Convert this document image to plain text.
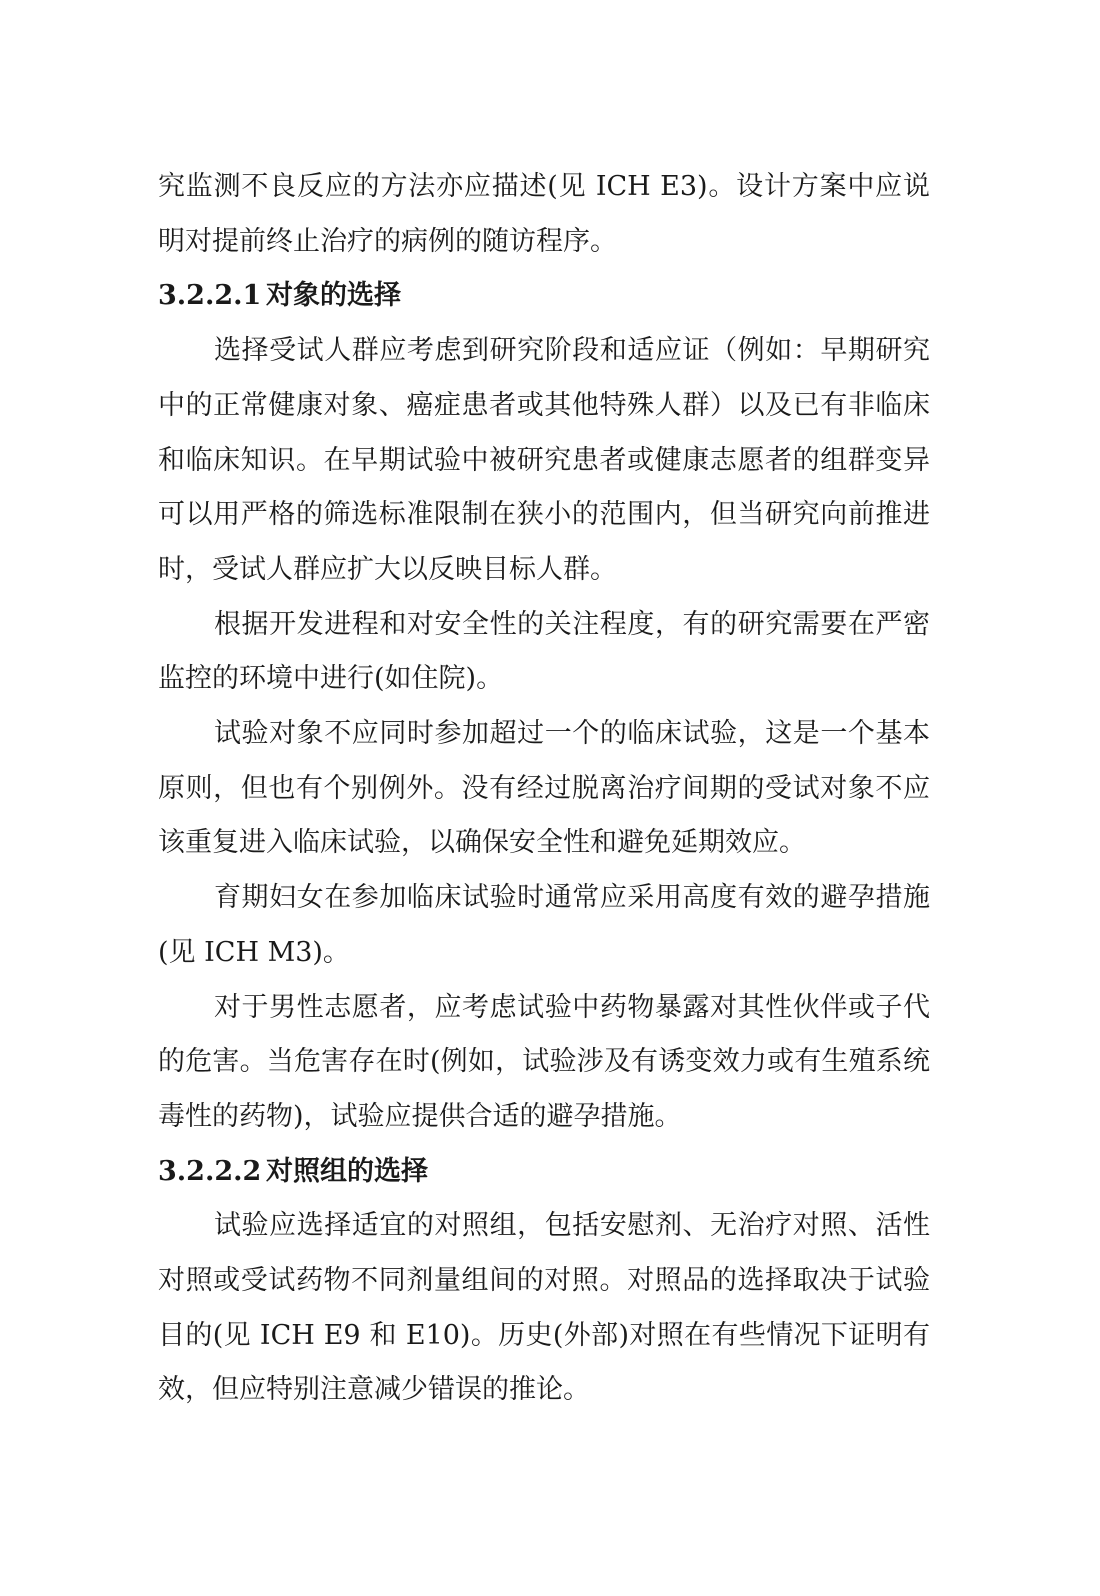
究监测不良反应的方法亦应描述(见 ICH E3)。设计方案中应说明对提前终止治疗的病例的随访程序。

3.2.2.1 对象的选择

选择受试人群应考虑到研究阶段和适应证（例如：早期研究中的正常健康对象、癌症患者或其他特殊人群）以及已有非临床和临床知识。在早期试验中被研究患者或健康志愿者的组群变异可以用严格的筛选标准限制在狭小的范围内，但当研究向前推进时，受试人群应扩大以反映目标人群。

根据开发进程和对安全性的关注程度，有的研究需要在严密监控的环境中进行(如住院)。

试验对象不应同时参加超过一个的临床试验，这是一个基本原则，但也有个别例外。没有经过脱离治疗间期的受试对象不应该重复进入临床试验，以确保安全性和避免延期效应。

育期妇女在参加临床试验时通常应采用高度有效的避孕措施(见 ICH M3)。

对于男性志愿者，应考虑试验中药物暴露对其性伙伴或子代的危害。当危害存在时(例如，试验涉及有诱变效力或有生殖系统毒性的药物)，试验应提供合适的避孕措施。

3.2.2.2 对照组的选择

试验应选择适宜的对照组，包括安慰剂、无治疗对照、活性对照或受试药物不同剂量组间的对照。对照品的选择取决于试验目的(见 ICH E9 和 E10)。历史(外部)对照在有些情况下证明有效，但应特别注意减少错误的推论。
